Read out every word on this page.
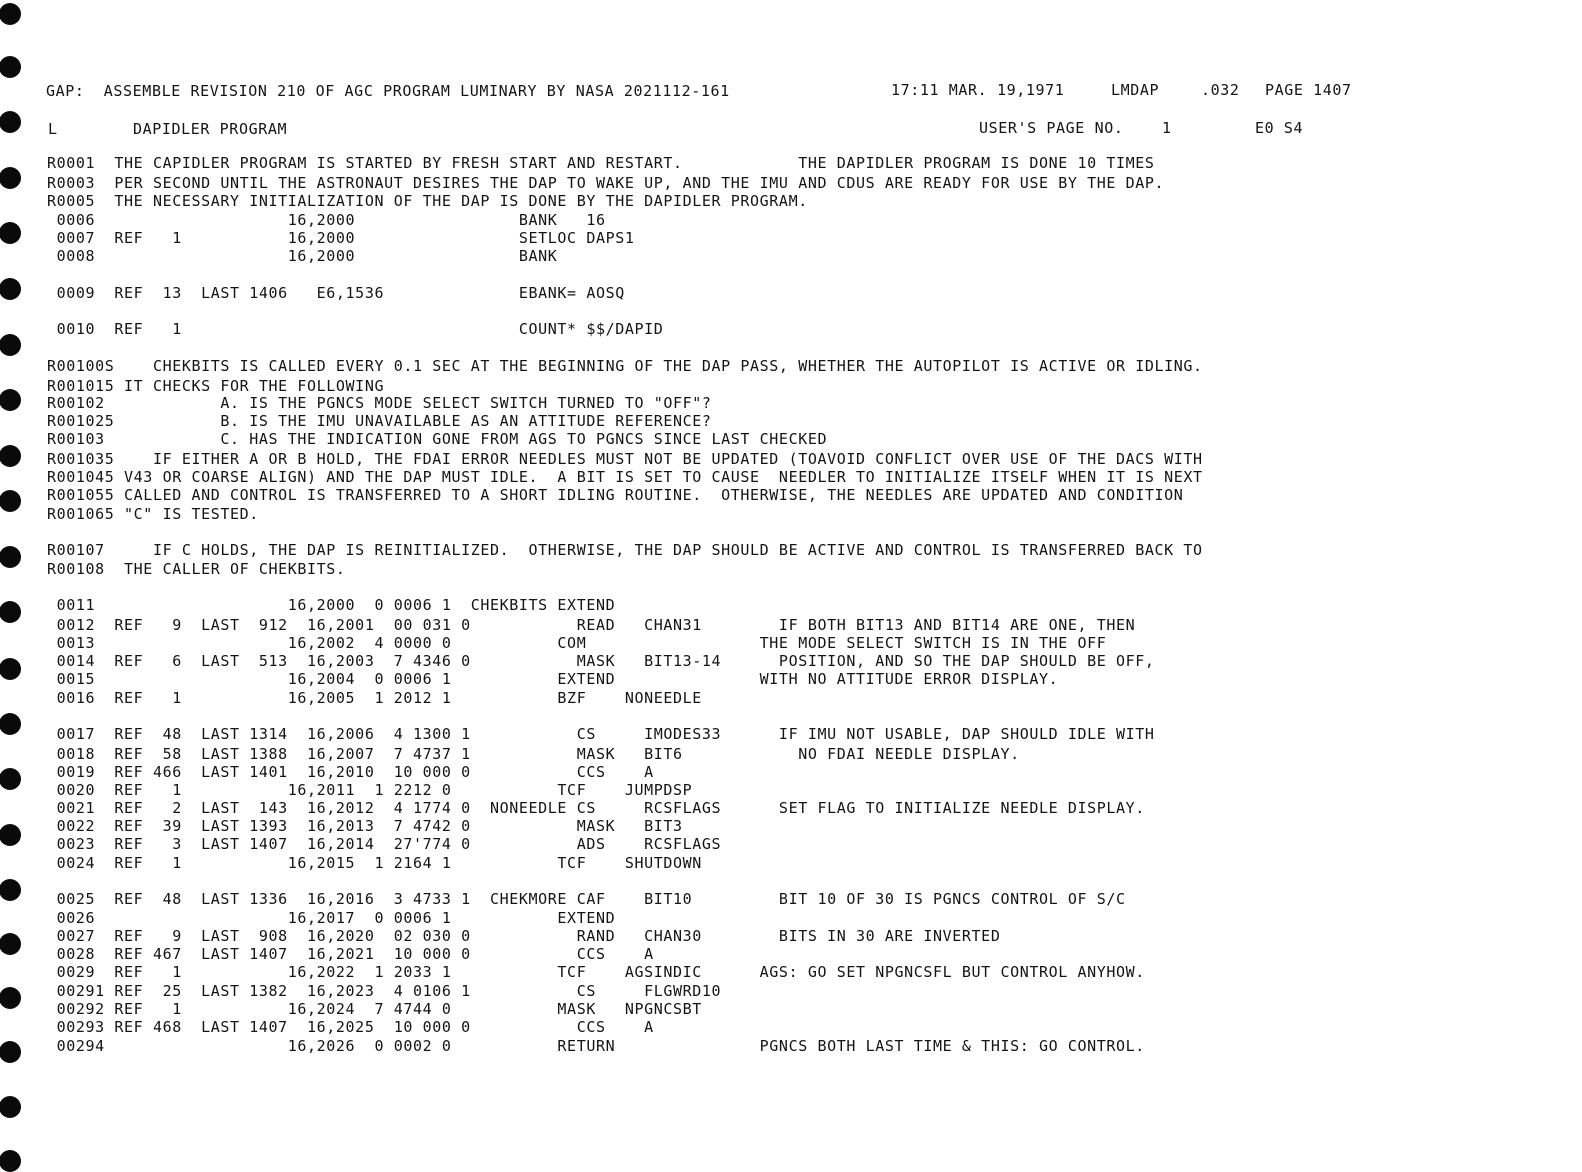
GAP:  ASSEMBLE REVISION 210 OF AGC PROGRAM LUMINARY BY NASA 2021112-161	17:11 MAR. 19,1971	LMDAP	.032 PAGE 1407
L	DAPIDLER PROGRAM	USER'S PAGE NO.    1	E0 S4
R0001  THE CAPIDLER PROGRAM IS STARTED BY FRESH START AND RESTART.            THE DAPIDLER PROGRAM IS DONE 10 TIMES
R0003  PER SECOND UNTIL THE ASTRONAUT DESIRES THE DAP TO WAKE UP, AND THE IMU AND CDUS ARE READY FOR USE BY THE DAP.
R0005  THE NECESSARY INITIALIZATION OF THE DAP IS DONE BY THE DAPIDLER PROGRAM.
0006                    16,2000                 BANK   16
0007  REF   1           16,2000                 SETLOC DAPS1
0008                    16,2000                 BANK
0009  REF  13  LAST 1406   E6,1536              EBANK= AOSQ
0010  REF   1                                   COUNT* $$/DAPID
R00100S    CHEKBITS IS CALLED EVERY 0.1 SEC AT THE BEGINNING OF THE DAP PASS, WHETHER THE AUTOPILOT IS ACTIVE OR IDLING.
R001015 IT CHECKS FOR THE FOLLOWING
R00102            A. IS THE PGNCS MODE SELECT SWITCH TURNED TO "OFF"?
R001025           B. IS THE IMU UNAVAILABLE AS AN ATTITUDE REFERENCE?
R00103            C. HAS THE INDICATION GONE FROM AGS TO PGNCS SINCE LAST CHECKED
R001035    IF EITHER A OR B HOLD, THE FDAI ERROR NEEDLES MUST NOT BE UPDATED (TOAVOID CONFLICT OVER USE OF THE DACS WITH
R001045 V43 OR COARSE ALIGN) AND THE DAP MUST IDLE.  A BIT IS SET TO CAUSE  NEEDLER TO INITIALIZE ITSELF WHEN IT IS NEXT
R001055 CALLED AND CONTROL IS TRANSFERRED TO A SHORT IDLING ROUTINE.  OTHERWISE, THE NEEDLES ARE UPDATED AND CONDITION
R001065 "C" IS TESTED.
R00107     IF C HOLDS, THE DAP IS REINITIALIZED.  OTHERWISE, THE DAP SHOULD BE ACTIVE AND CONTROL IS TRANSFERRED BACK TO
R00108  THE CALLER OF CHEKBITS.
0011                    16,2000  0 0006 1  CHEKBITS EXTEND
0012  REF   9  LAST  912  16,2001  00 031 0           READ   CHAN31        IF BOTH BIT13 AND BIT14 ARE ONE, THEN
0013                    16,2002  4 0000 0           COM                  THE MODE SELECT SWITCH IS IN THE OFF
0014  REF   6  LAST  513  16,2003  7 4346 0           MASK   BIT13-14      POSITION, AND SO THE DAP SHOULD BE OFF,
0015                    16,2004  0 0006 1           EXTEND               WITH NO ATTITUDE ERROR DISPLAY.
0016  REF   1           16,2005  1 2012 1           BZF    NONEEDLE
0017  REF  48  LAST 1314  16,2006  4 1300 1           CS     IMODES33      IF IMU NOT USABLE, DAP SHOULD IDLE WITH
0018  REF  58  LAST 1388  16,2007  7 4737 1           MASK   BIT6            NO FDAI NEEDLE DISPLAY.
0019  REF 466  LAST 1401  16,2010  10 000 0           CCS    A
0020  REF   1           16,2011  1 2212 0           TCF    JUMPDSP
0021  REF   2  LAST  143  16,2012  4 1774 0  NONEEDLE CS     RCSFLAGS      SET FLAG TO INITIALIZE NEEDLE DISPLAY.
0022  REF  39  LAST 1393  16,2013  7 4742 0           MASK   BIT3
0023  REF   3  LAST 1407  16,2014  27'774 0           ADS    RCSFLAGS
0024  REF   1           16,2015  1 2164 1           TCF    SHUTDOWN
0025  REF  48  LAST 1336  16,2016  3 4733 1  CHEKMORE CAF    BIT10         BIT 10 OF 30 IS PGNCS CONTROL OF S/C
0026                    16,2017  0 0006 1           EXTEND
0027  REF   9  LAST  908  16,2020  02 030 0           RAND   CHAN30        BITS IN 30 ARE INVERTED
0028  REF 467  LAST 1407  16,2021  10 000 0           CCS    A
0029  REF   1           16,2022  1 2033 1           TCF    AGSINDIC      AGS: GO SET NPGNCSFL BUT CONTROL ANYHOW.
00291 REF  25  LAST 1382  16,2023  4 0106 1           CS     FLGWRD10
00292 REF   1           16,2024  7 4744 0           MASK   NPGNCSBT
00293 REF 468  LAST 1407  16,2025  10 000 0           CCS    A
00294                   16,2026  0 0002 0           RETURN               PGNCS BOTH LAST TIME & THIS: GO CONTROL.
